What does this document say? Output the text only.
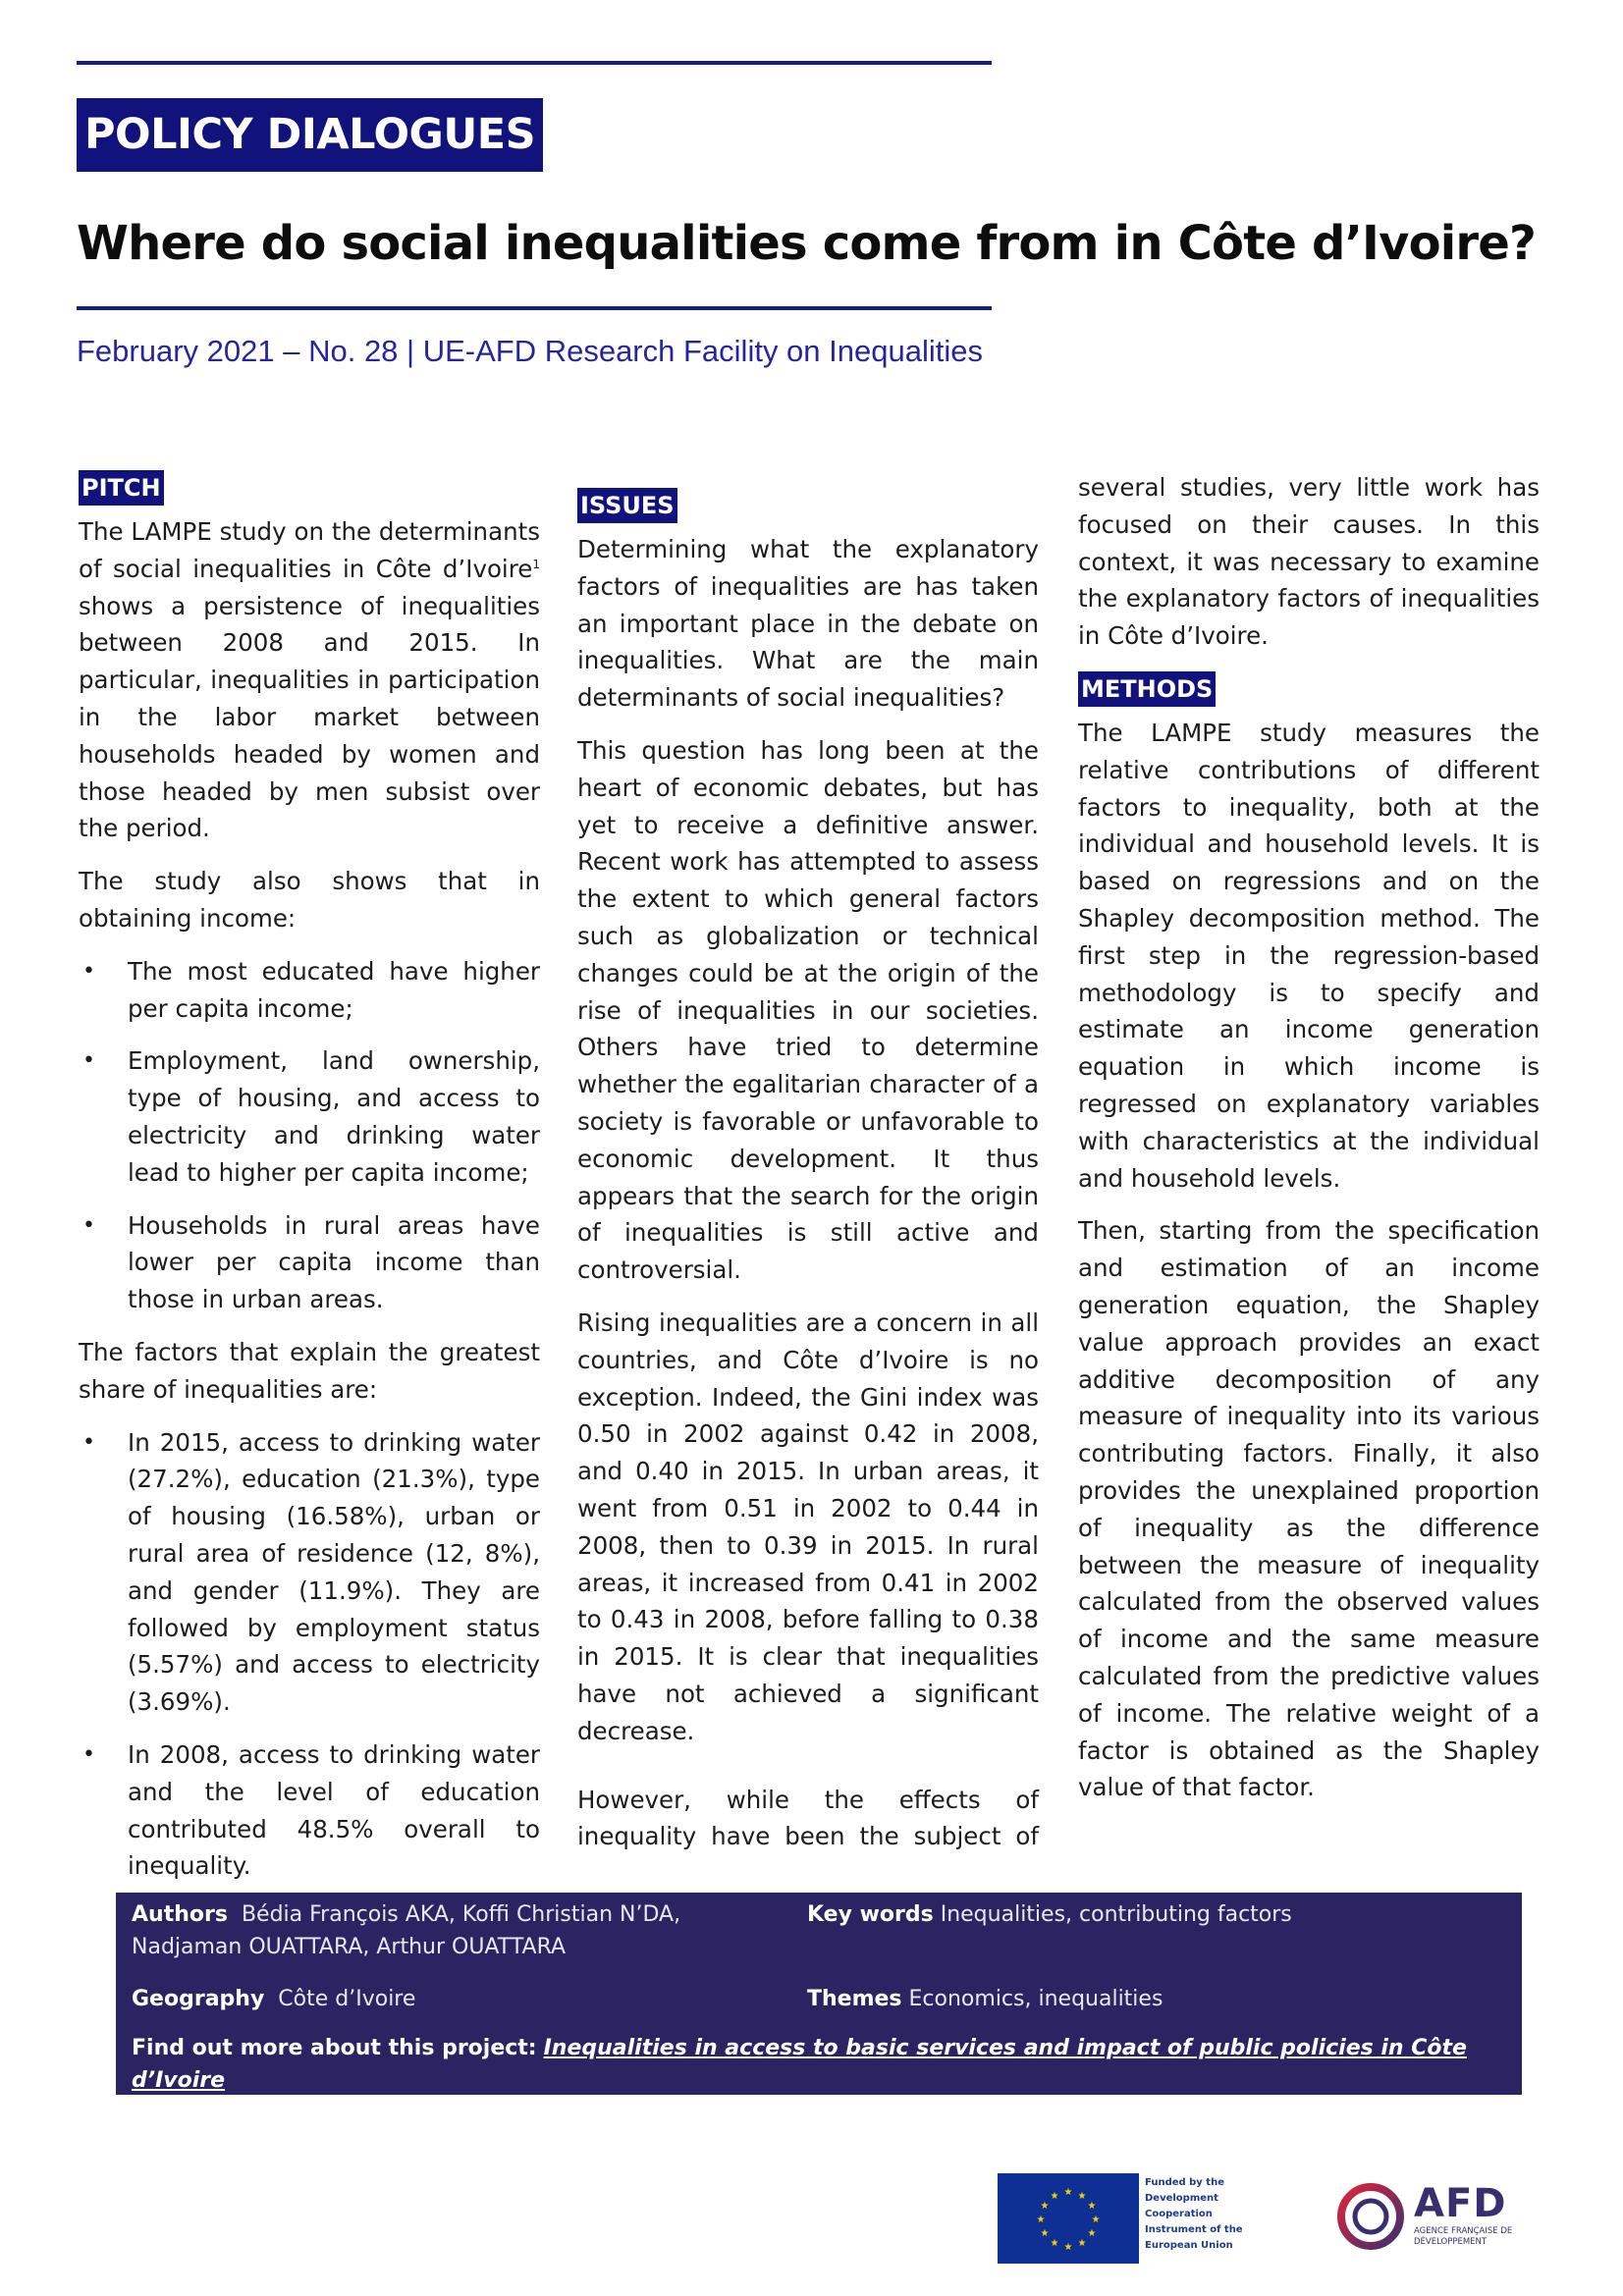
POLICY DIALOGUES
Where do social inequalities come from in Côte d’Ivoire?
February 2021 – No. 28 | UE-AFD Research Facility on Inequalities
PITCH

The LAMPE study on the determinants of social inequalities in Côte d’Ivoire$^1$ shows a persistence of inequalities between 2008 and 2015. In particular, inequalities in participation in the labor market between households headed by women and those headed by men subsist over the period.

The study also shows that in obtaining income:

• The most educated have higher per capita income;
• Employment, land ownership, type of housing, and access to electricity and drinking water lead to higher per capita income;
• Households in rural areas have lower per capita income than those in urban areas.

The factors that explain the greatest share of inequalities are:

• In 2015, access to drinking water (27.2%), education (21.3%), type of housing (16.58%), urban or rural area of residence (12, 8%), and gender (11.9%). They are followed by employment status (5.57%) and access to electricity (3.69%).
• In 2008, access to drinking water and the level of education contributed 48.5% overall to inequality.
ISSUES

Determining what the explanatory factors of inequalities are has taken an important place in the debate on inequalities. What are the main determinants of social inequalities?

This question has long been at the heart of economic debates, but has yet to receive a definitive answer. Recent work has attempted to assess the extent to which general factors such as globalization or technical changes could be at the origin of the rise of inequalities in our societies. Others have tried to determine whether the egalitarian character of a society is favorable or unfavorable to economic development. It thus appears that the search for the origin of inequalities is still active and controversial.

Rising inequalities are a concern in all countries, and Côte d’Ivoire is no exception. Indeed, the Gini index was 0.50 in 2002 against 0.42 in 2008, and 0.40 in 2015. In urban areas, it went from 0.51 in 2002 to 0.44 in 2008, then to 0.39 in 2015. In rural areas, it increased from 0.41 in 2002 to 0.43 in 2008, before falling to 0.38 in 2015. It is clear that inequalities have not achieved a significant decrease.

However, while the effects of inequality have been the subject of

several studies, very little work has focused on their causes. In this context, it was necessary to examine the explanatory factors of inequalities in Côte d’Ivoire.

METHODS

The LAMPE study measures the relative contributions of different factors to inequality, both at the individual and household levels. It is based on regressions and on the Shapley decomposition method. The first step in the regression-based methodology is to specify and estimate an income generation equation in which income is regressed on explanatory variables with characteristics at the individual and household levels.

Then, starting from the specification and estimation of an income generation equation, the Shapley value approach provides an exact additive decomposition of any measure of inequality into its various contributing factors. Finally, it also provides the unexplained proportion of inequality as the difference between the measure of inequality calculated from the observed values of income and the same measure calculated from the predictive values of income. The relative weight of a factor is obtained as the Shapley value of that factor.

Authors Bédia François AKA, Koffi Christian N’DA, Nadjaman OUATTARA, Arthur OUATTARA
Key words Inequalities, contributing factors
Geography Côte d’Ivoire	Themes Economics, inequalities
Find out more about this project: Inequalities in access to basic services and impact of public policies in Côte d’Ivoire
★ ★
★
★
★
★
★
★
★
★
★
★
Funded by the Development Cooperation Instrument of the European Union
AFD
AGENCE FRANÇAISE DE DÉVELOPPEMENT
